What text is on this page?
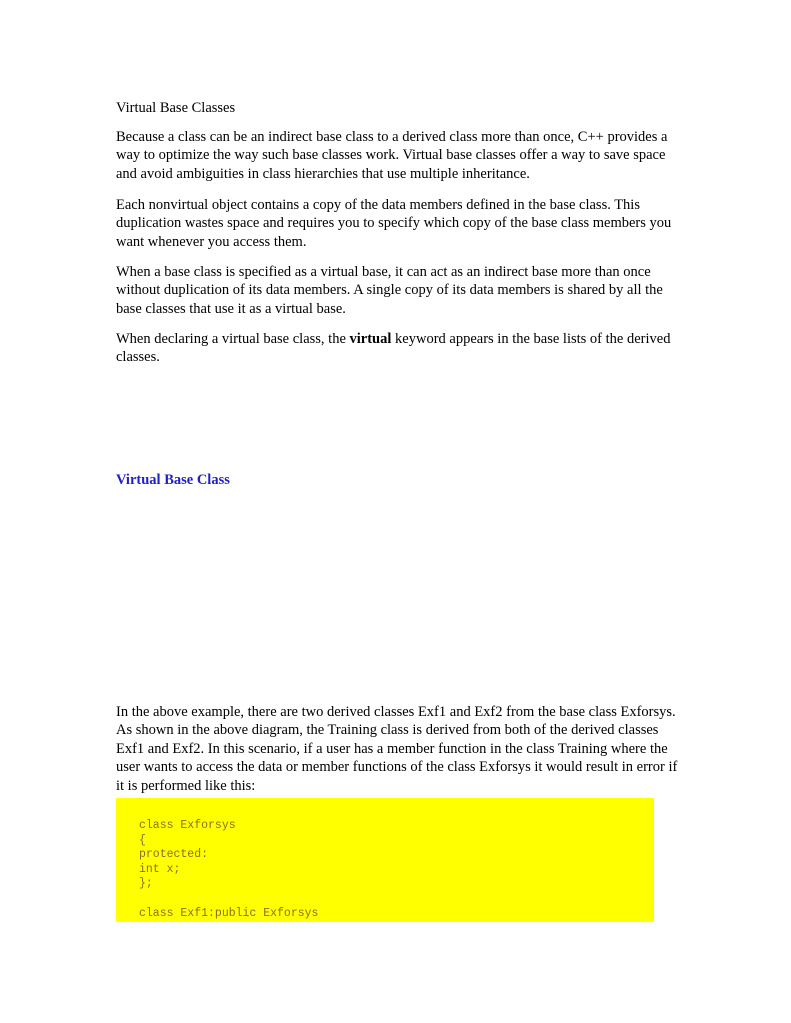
Virtual Base Classes

Because a class can be an indirect base class to a derived class more than once, C++ provides a way to optimize the way such base classes work. Virtual base classes offer a way to save space and avoid ambiguities in class hierarchies that use multiple inheritance.

Each nonvirtual object contains a copy of the data members defined in the base class. This duplication wastes space and requires you to specify which copy of the base class members you want whenever you access them.

When a base class is specified as a virtual base, it can act as an indirect base more than once without duplication of its data members. A single copy of its data members is shared by all the base classes that use it as a virtual base.

When declaring a virtual base class, the virtual keyword appears in the base lists of the derived classes.

Virtual Base Class

In the above example, there are two derived classes Exf1 and Exf2 from the base class Exforsys. As shown in the above diagram, the Training class is derived from both of the derived classes Exf1 and Exf2. In this scenario, if a user has a member function in the class Training where the user wants to access the data or member functions of the class Exforsys it would result in error if it is performed like this:

class Exforsys
{
protected:
int x;
};

class Exf1:public Exforsys
